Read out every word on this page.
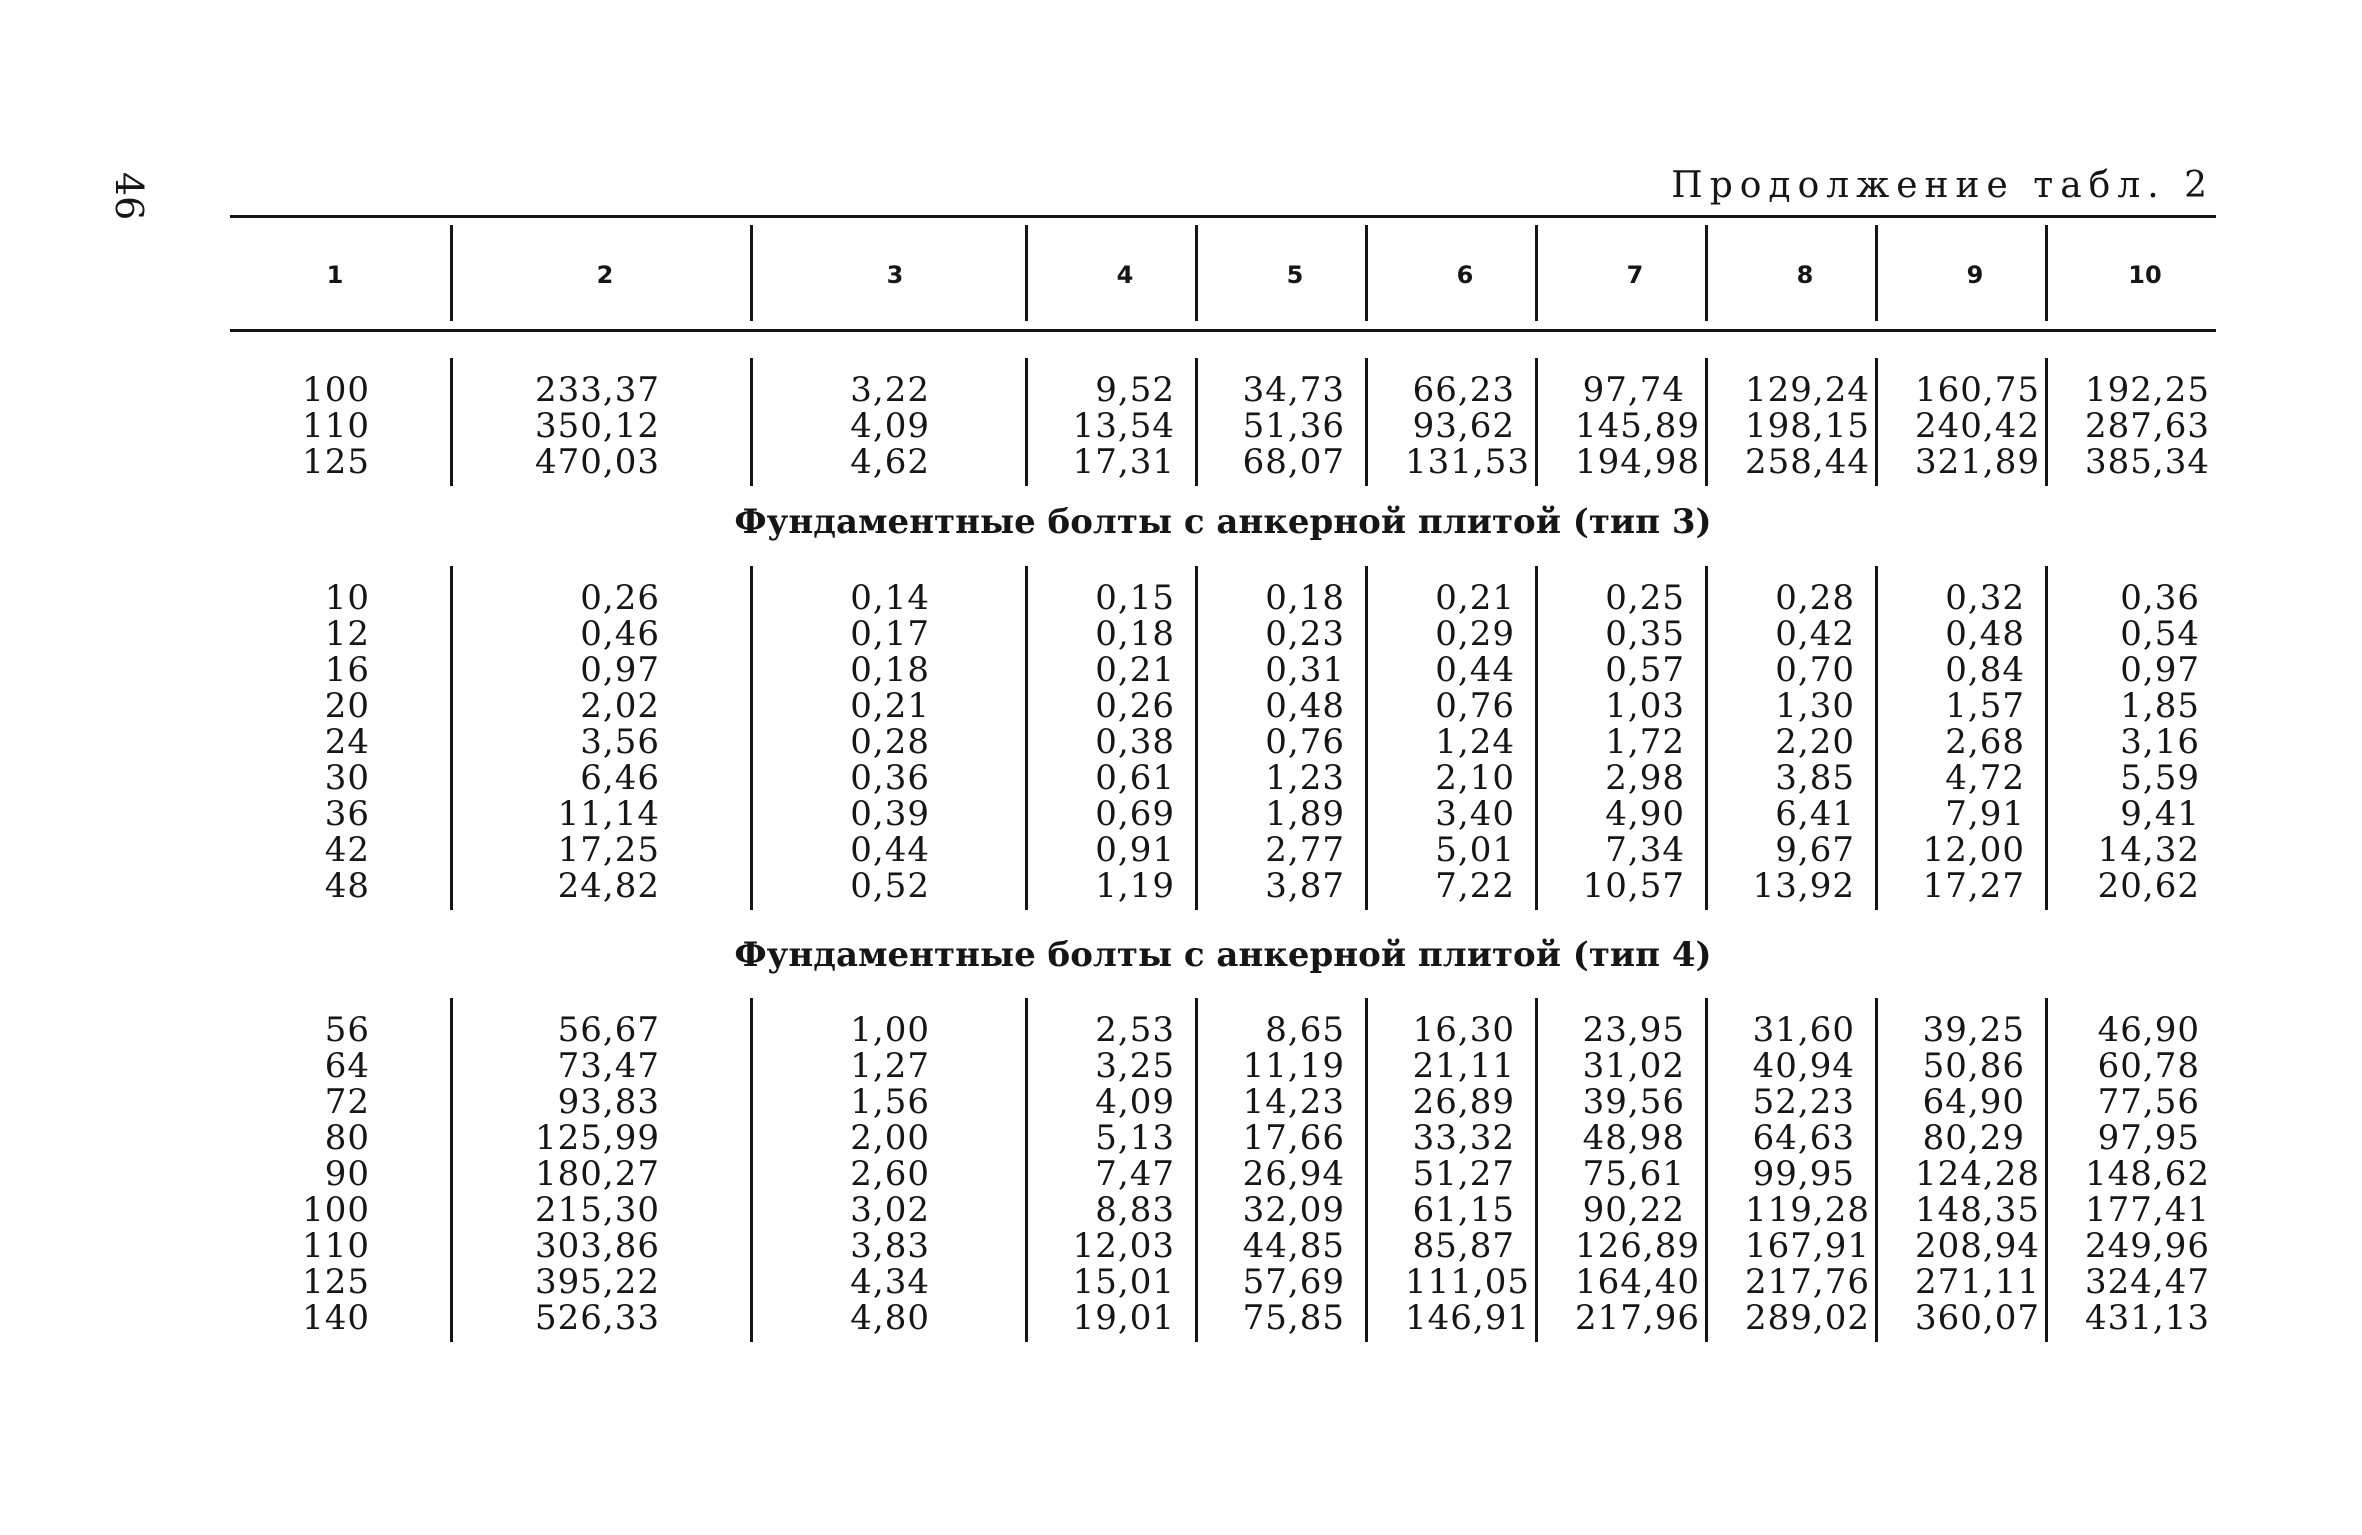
46	Продолжение табл. 2
1	2	3	4	5	6	7	8	9	10
100	233,37	3,22	9,52 34,73 66,23 97,74 129,24 160,75 192,25
110	350,12	4,09	13,54 51,36 93,62 145,89 198,15 240,42 287,63
125	470,03	4,62	17,31 68,07 131,53 194,98 258,44 321,89 385,34
Фундаментные болты с анкерной плитой (тип 3)
10	0,26	0,14	0,15	0,18	0,21	0,25	0,28	0,32	0,36
12	0,46	0,17	0,18	0,23	0,29	0,35	0,42	0,48	0,54
16	0,97	0,18	0,21	0,31	0,44	0,57	0,70	0,84	0,97
20	2,02	0,21	0,26	0,48	0,76	1,03	1,30	1,57	1,85
24	3,56	0,28	0,38	0,76	1,24	1,72	2,20	2,68	3,16
30	6,46	0,36	0,61	1,23	2,10	2,98	3,85	4,72	5,59
36	11,14	0,39	0,69	1,89	3,40	4,90	6,41	7,91	9,41
42	17,25	0,44	0,91	2,77	5,01	7,34	9,67 12,00	14,32
48	24,82	0,52	1,19	3,87	7,22 10,57 13,92 17,27	20,62
Фундаментные болты с анкерной плитой (тип 4)
56	56,67	1,00	2,53	8,65 16,30 23,95 31,60 39,25	46,90
64	73,47	1,27	3,25 11,19 21,11 31,02 40,94 50,86	60,78
72	93,83	1,56	4,09 14,23 26,89 39,56 52,23 64,90	77,56
80	125,99	2,00	5,13 17,66 33,32 48,98 64,63 80,29	97,95
90	180,27	2,60	7,47 26,94 51,27 75,61 99,95 124,28 148,62
100	215,30	3,02	8,83 32,09 61,15 90,22 119,28 148,35 177,41
110	303,86	3,83	12,03 44,85 85,87 126,89 167,91 208,94 249,96
125	395,22	4,34	15,01 57,69 111,05 164,40 217,76 271,11 324,47
140	526,33	4,80	19,01 75,85 146,91 217,96 289,02 360,07 431,13
